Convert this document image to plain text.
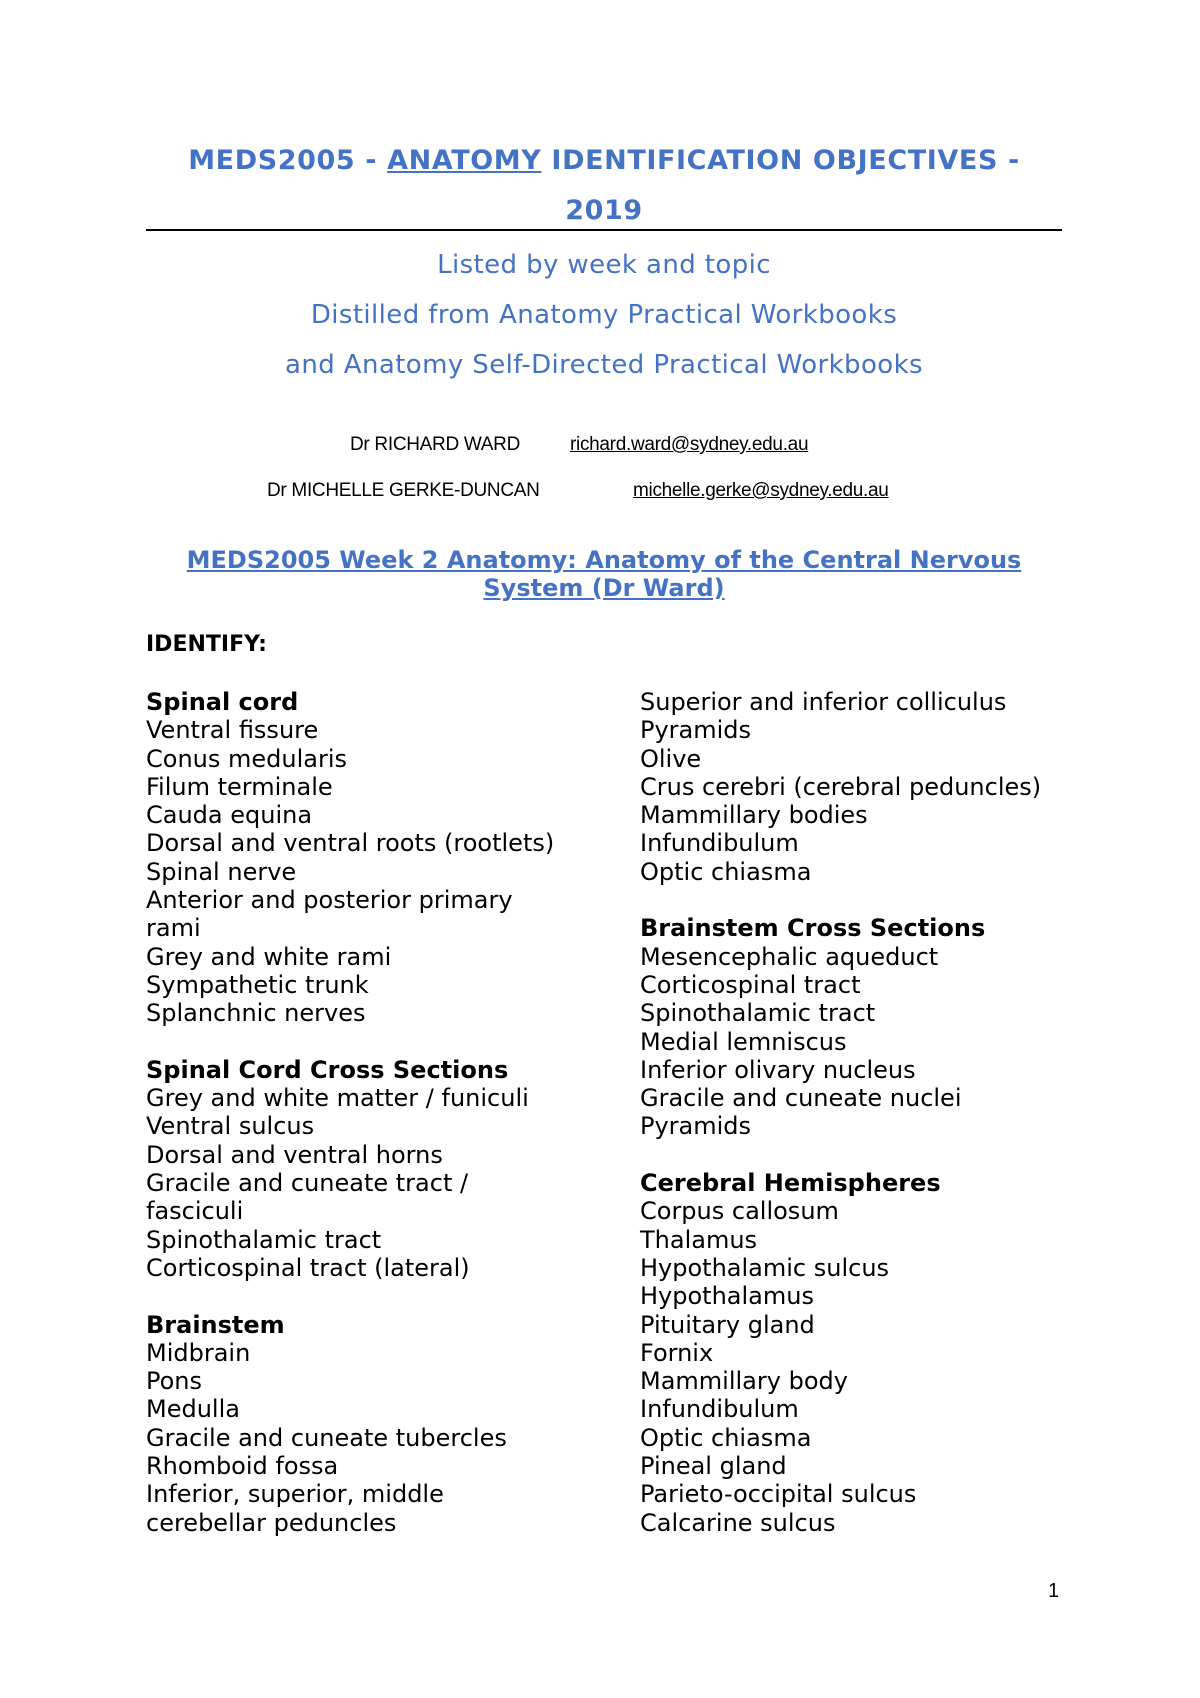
MEDS2005 - ANATOMY IDENTIFICATION OBJECTIVES -
2019
Listed by week and topic
Distilled from Anatomy Practical Workbooks
and Anatomy Self-Directed Practical Workbooks
Dr RICHARD WARD	richard.ward@sydney.edu.au
Dr MICHELLE GERKE-DUNCAN	michelle.gerke@sydney.edu.au
MEDS2005 Week 2 Anatomy: Anatomy of the Central Nervous
System (Dr Ward)
IDENTIFY:
Spinal cord
Ventral fissure
Conus medularis
Filum terminale
Cauda equina
Dorsal and ventral roots (rootlets)
Spinal nerve
Anterior and posterior primary
rami
Grey and white rami
Sympathetic trunk
Splanchnic nerves
Spinal Cord Cross Sections
Grey and white matter / funiculi
Ventral sulcus
Dorsal and ventral horns
Gracile and cuneate tract /
fasciculi
Spinothalamic tract
Corticospinal tract (lateral)
Brainstem
Midbrain
Pons
Medulla
Gracile and cuneate tubercles
Rhomboid fossa
Inferior, superior, middle
cerebellar peduncles
Superior and inferior colliculus
Pyramids
Olive
Crus cerebri (cerebral peduncles)
Mammillary bodies
Infundibulum
Optic chiasma
Brainstem Cross Sections
Mesencephalic aqueduct
Corticospinal tract
Spinothalamic tract
Medial lemniscus
Inferior olivary nucleus
Gracile and cuneate nuclei
Pyramids
Cerebral Hemispheres
Corpus callosum
Thalamus
Hypothalamic sulcus
Hypothalamus
Pituitary gland
Fornix
Mammillary body
Infundibulum
Optic chiasma
Pineal gland
Parieto-occipital sulcus
Calcarine sulcus
1
